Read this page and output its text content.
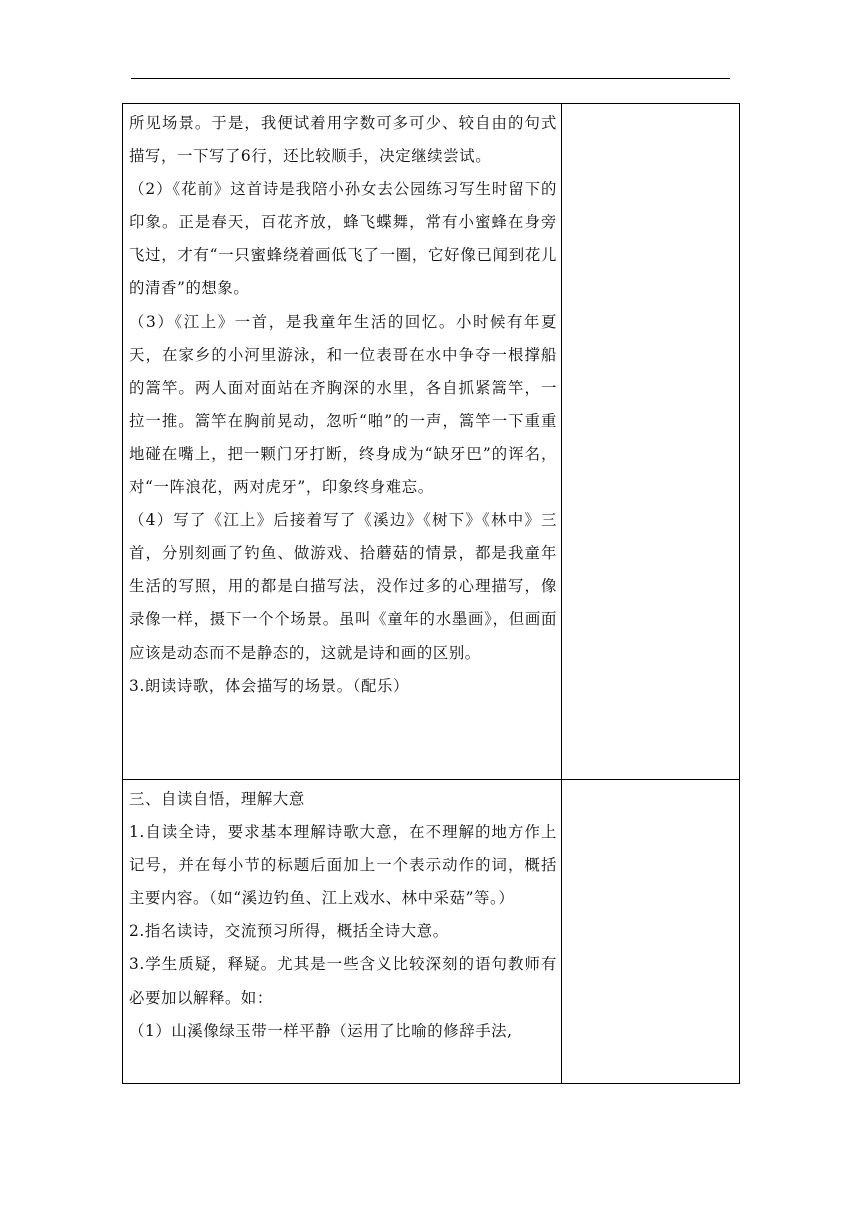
所见场景。于是，我便试着用字数可多可少、较自由的句式描写，一下写了6行，还比较顺手，决定继续尝试。

（2）《花前》这首诗是我陪小孙女去公园练习写生时留下的印象。正是春天，百花齐放，蜂飞蝶舞，常有小蜜蜂在身旁飞过，才有“一只蜜蜂绕着画低飞了一圈，它好像已闻到花儿的清香”的想象。

（3）《江上》一首，是我童年生活的回忆。小时候有年夏天，在家乡的小河里游泳，和一位表哥在水中争夺一根撑船的篙竿。两人面对面站在齐胸深的水里，各自抓紧篙竿，一拉一推。篙竿在胸前晃动，忽听“啪”的一声，篙竿一下重重地碰在嘴上，把一颗门牙打断，终身成为“缺牙巴”的诨名，对“一阵浪花，两对虎牙”，印象终身难忘。

（4）写了《江上》后接着写了《溪边》《树下》《林中》三首，分别刻画了钓鱼、做游戏、拾蘑菇的情景，都是我童年生活的写照，用的都是白描写法，没作过多的心理描写，像录像一样，摄下一个个场景。虽叫《童年的水墨画》，但画面应该是动态而不是静态的，这就是诗和画的区别。

3.朗读诗歌，体会描写的场景。（配乐）	

三、自读自悟，理解大意

1.自读全诗，要求基本理解诗歌大意，在不理解的地方作上记号，并在每小节的标题后面加上一个表示动作的词，概括主要内容。（如“溪边钓鱼、江上戏水、林中采菇”等。）

2.指名读诗，交流预习所得，概括全诗大意。

3.学生质疑，释疑。尤其是一些含义比较深刻的语句教师有必要加以解释。如：

（1）山溪像绿玉带一样平静（运用了比喻的修辞手法,	
